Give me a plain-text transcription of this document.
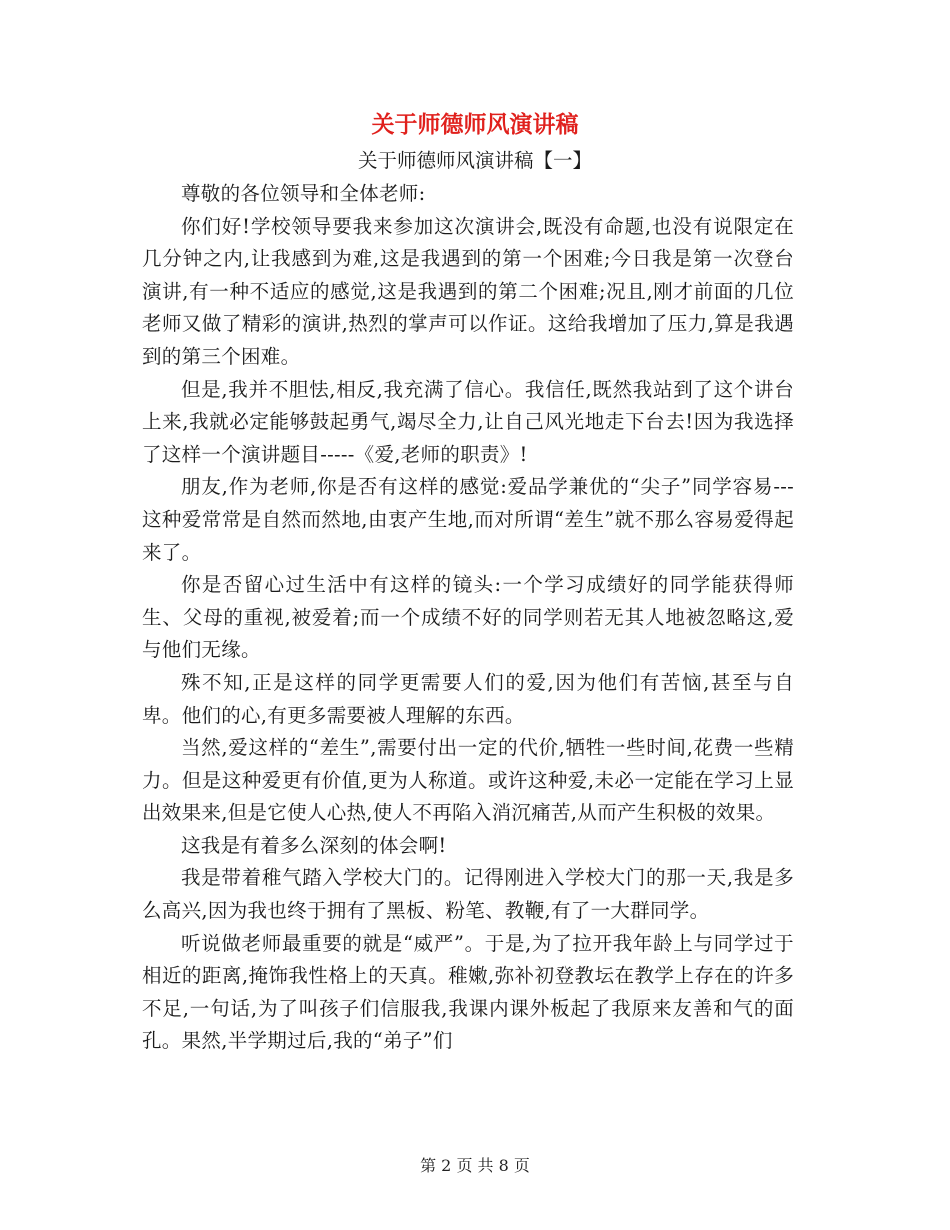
关于师德师风演讲稿
关于师德师风演讲稿【一】

尊敬的各位领导和全体老师:

你们好!学校领导要我来参加这次演讲会,既没有命题,也没有说限定在几分钟之内,让我感到为难,这是我遇到的第一个困难;今日我是第一次登台演讲,有一种不适应的感觉,这是我遇到的第二个困难;况且,刚才前面的几位老师又做了精彩的演讲,热烈的掌声可以作证。这给我增加了压力,算是我遇到的第三个困难。

但是,我并不胆怯,相反,我充满了信心。我信任,既然我站到了这个讲台上来,我就必定能够鼓起勇气,竭尽全力,让自己风光地走下台去!因为我选择了这样一个演讲题目-----《爱,老师的职责》!

朋友,作为老师,你是否有这样的感觉:爱品学兼优的“尖子”同学容易---这种爱常常是自然而然地,由衷产生地,而对所谓“差生”就不那么容易爱得起来了。

你是否留心过生活中有这样的镜头:一个学习成绩好的同学能获得师生、父母的重视,被爱着;而一个成绩不好的同学则若无其人地被忽略这,爱与他们无缘。

殊不知,正是这样的同学更需要人们的爱,因为他们有苦恼,甚至与自卑。他们的心,有更多需要被人理解的东西。

当然,爱这样的“差生”,需要付出一定的代价,牺牲一些时间,花费一些精力。但是这种爱更有价值,更为人称道。或许这种爱,未必一定能在学习上显出效果来,但是它使人心热,使人不再陷入消沉痛苦,从而产生积极的效果。

这我是有着多么深刻的体会啊!

我是带着稚气踏入学校大门的。记得刚进入学校大门的那一天,我是多么高兴,因为我也终于拥有了黑板、粉笔、教鞭,有了一大群同学。

听说做老师最重要的就是“威严”。于是,为了拉开我年龄上与同学过于相近的距离,掩饰我性格上的天真。稚嫩,弥补初登教坛在教学上存在的许多不足,一句话,为了叫孩子们信服我,我课内课外板起了我原来友善和气的面孔。果然,半学期过后,我的“弟子”们

第 2 页 共 8 页
